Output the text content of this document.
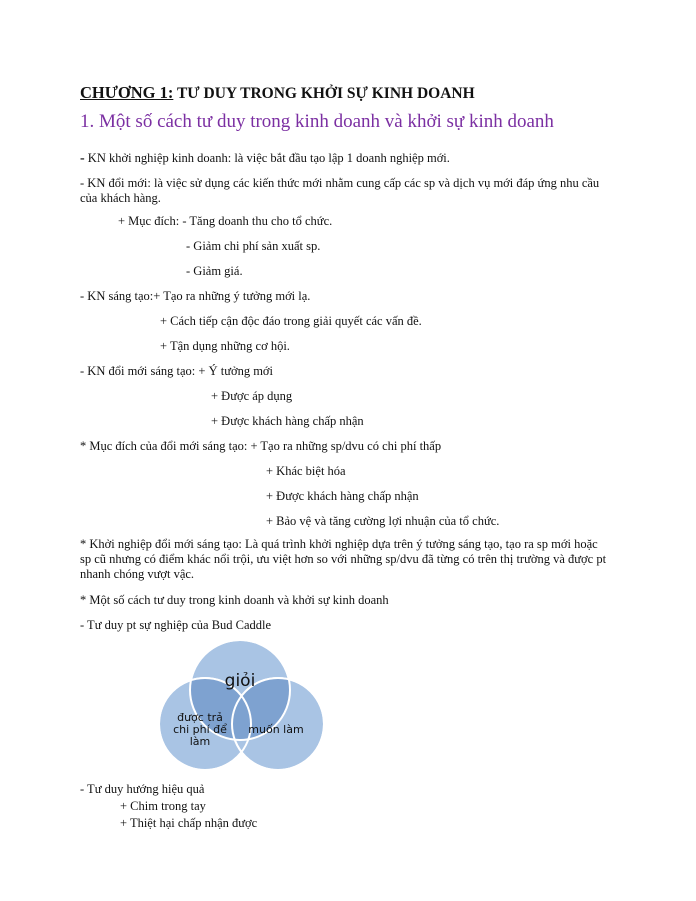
CHƯƠNG 1: TƯ DUY TRONG KHỞI SỰ KINH DOANH
1. Một số cách tư duy trong kinh doanh và khởi sự kinh doanh
- KN khởi nghiệp kinh doanh: là việc bắt đầu tạo lập 1 doanh nghiệp mới.
- KN đổi mới: là việc sử dụng các kiến thức mới nhằm cung cấp các sp và dịch vụ mới đáp ứng nhu cầu của khách hàng.
+ Mục đích: - Tăng doanh thu cho tổ chức.
- Giảm chi phí sản xuất sp.
- Giảm giá.
- KN sáng tạo:+ Tạo ra những ý tưởng mới lạ.
+ Cách tiếp cận độc đáo trong giải quyết các vấn đề.
+ Tận dụng những cơ hội.
- KN đổi mới sáng tạo: + Ý tưởng mới
+ Được áp dụng
+ Được khách hàng chấp nhận
* Mục đích của đổi mới sáng tạo: + Tạo ra những sp/dvu có chi phí thấp
+ Khác biệt hóa
+ Được khách hàng chấp nhận
+ Bảo vệ và tăng cường lợi nhuận của tổ chức.
* Khởi nghiệp đổi mới sáng tạo: Là quá trình khởi nghiệp dựa trên ý tưởng sáng tạo, tạo ra sp mới hoặc sp cũ nhưng có điểm khác nổi trội, ưu việt hơn so với những sp/dvu đã từng có trên thị trường và được pt nhanh chóng vượt vậc.
* Một số cách tư duy trong kinh doanh và khởi sự kinh doanh
- Tư duy pt sự nghiệp của Bud Caddle
giỏi
được trả
chi phí để
làm
muốn làm
- Tư duy hướng hiệu quả
+ Chim trong tay
+ Thiệt hại chấp nhận được
